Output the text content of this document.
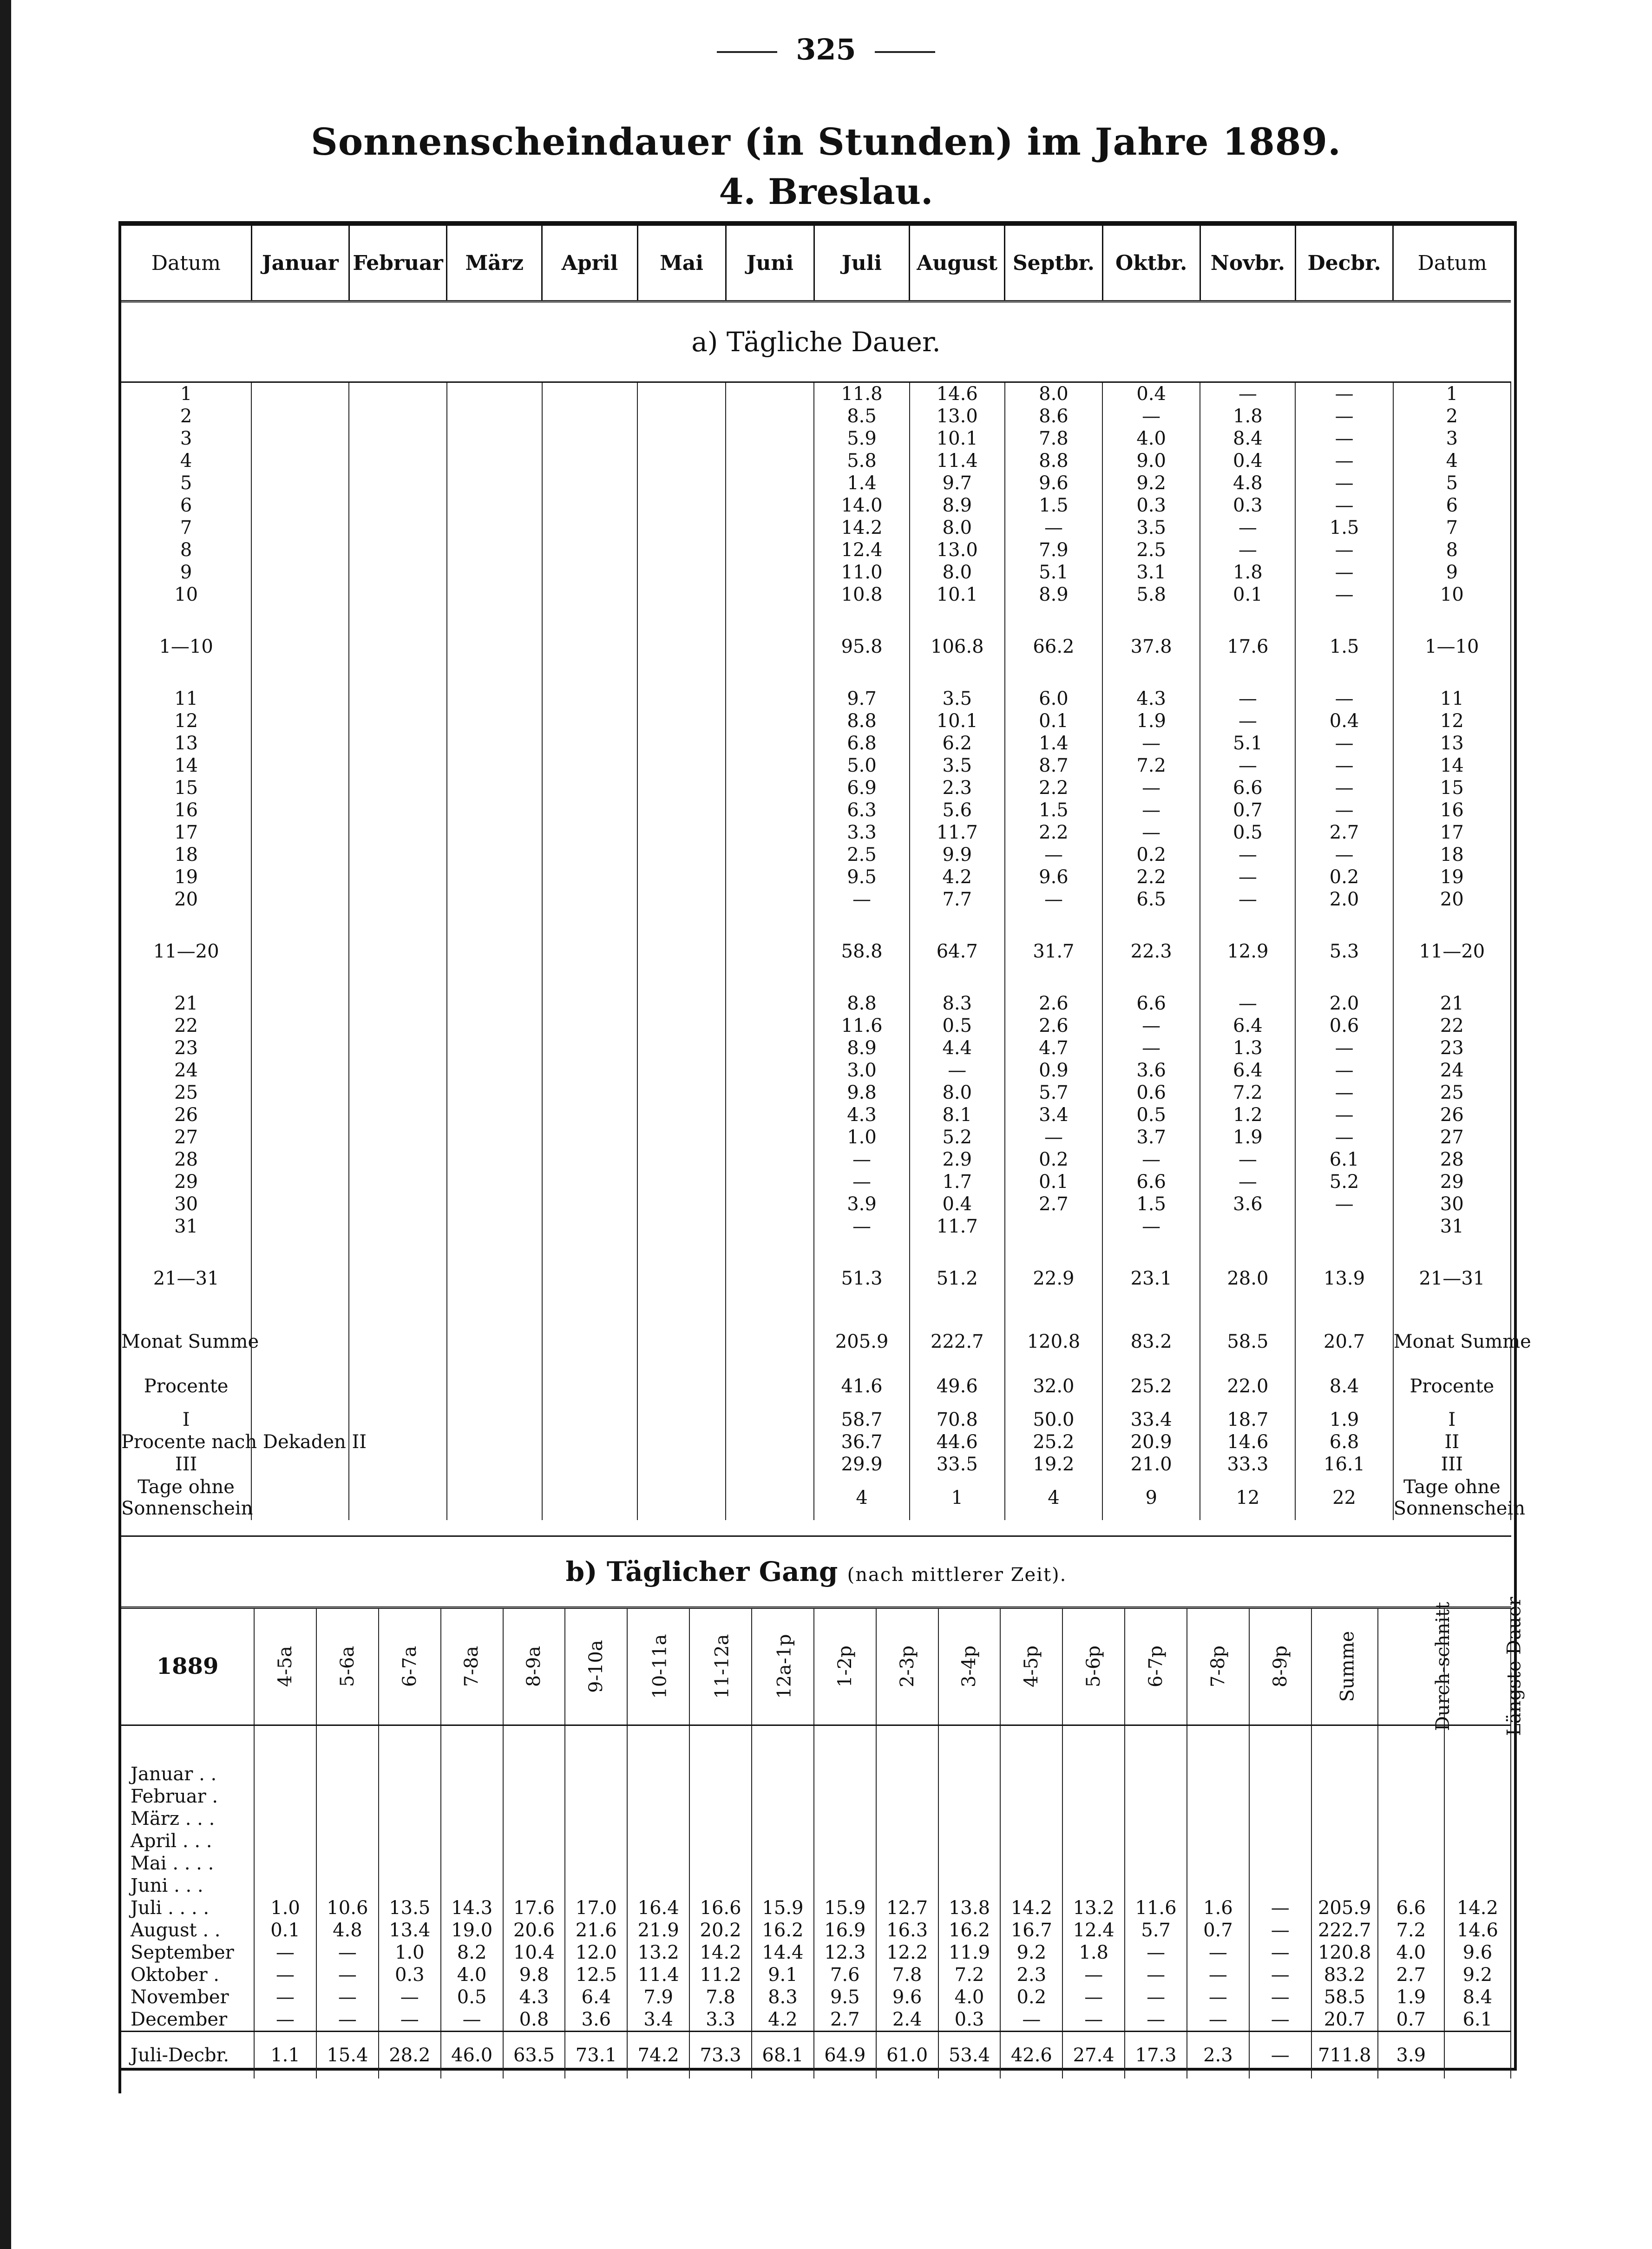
325
Sonnenscheindauer (in Stunden) im Jahre 1889.
4. Breslau.
Datum	Januar	Februar	März	April	Mai	Juni	Juli	August	Septbr.	Oktbr.	Novbr.	Decbr.	Datum
a) Tägliche Dauer.													
1							11.8	14.6	8.0	0.4	—	—	1
2							8.5	13.0	8.6	—	1.8	—	2
3							5.9	10.1	7.8	4.0	8.4	—	3
4							5.8	11.4	8.8	9.0	0.4	—	4
5							1.4	9.7	9.6	9.2	4.8	—	5
6							14.0	8.9	1.5	0.3	0.3	—	6
7							14.2	8.0	—	3.5	—	1.5	7
8							12.4	13.0	7.9	2.5	—	—	8
9							11.0	8.0	5.1	3.1	1.8	—	9
10							10.8	10.1	8.9	5.8	0.1	—	10

1—10							95.8	106.8	66.2	37.8	17.6	1.5	1—10

11							9.7	3.5	6.0	4.3	—	—	11
12							8.8	10.1	0.1	1.9	—	0.4	12
13							6.8	6.2	1.4	—	5.1	—	13
14							5.0	3.5	8.7	7.2	—	—	14
15							6.9	2.3	2.2	—	6.6	—	15
16							6.3	5.6	1.5	—	0.7	—	16
17							3.3	11.7	2.2	—	0.5	2.7	17
18							2.5	9.9	—	0.2	—	—	18
19							9.5	4.2	9.6	2.2	—	0.2	19
20							—	7.7	—	6.5	—	2.0	20

11—20							58.8	64.7	31.7	22.3	12.9	5.3	11—20

21							8.8	8.3	2.6	6.6	—	2.0	21
22							11.6	0.5	2.6	—	6.4	0.6	22
23							8.9	4.4	4.7	—	1.3	—	23
24							3.0	—	0.9	3.6	6.4	—	24
25							9.8	8.0	5.7	0.6	7.2	—	25
26							4.3	8.1	3.4	0.5	1.2	—	26
27							1.0	5.2	—	3.7	1.9	—	27
28							—	2.9	0.2	—	—	6.1	28
29							—	1.7	0.1	6.6	—	5.2	29
30							3.9	0.4	2.7	1.5	3.6	—	30
31							—	11.7		—			31

21—31							51.3	51.2	22.9	23.1	28.0	13.9	21—31

Monat Summe							205.9	222.7	120.8	83.2	58.5	20.7	Monat Summe
Procente							41.6	49.6	32.0	25.2	22.0	8.4	Procente
I							58.7	70.8	50.0	33.4	18.7	1.9	I
Procente nach Dekaden II							36.7	44.6	25.2	20.9	14.6	6.8	II
III							29.9	33.5	19.2	21.0	33.3	16.1	III
Tage ohne Sonnenschein							4	1	4	9	12	22	Tage ohne Sonnenschein
b) Täglicher Gang (nach mittlerer Zeit).
1889	4-5a	5-6a	6-7a	7-8a	8-9a	9-10a	10-11a	11-12a	12a-1p	1-2p	2-3p	3-4p	4-5p	5-6p	6-7p	7-8p	8-9p	Summe	Durch-schnitt	Längste Dauer

Januar . .																				
Februar .																				
März . . .																				
April . . .																				
Mai . . . .																				
Juni . . .																				
Juli . . . .	1.0	10.6	13.5	14.3	17.6	17.0	16.4	16.6	15.9	15.9	12.7	13.8	14.2	13.2	11.6	1.6	—	205.9	6.6	14.2
August . .	0.1	4.8	13.4	19.0	20.6	21.6	21.9	20.2	16.2	16.9	16.3	16.2	16.7	12.4	5.7	0.7	—	222.7	7.2	14.6
September	—	—	1.0	8.2	10.4	12.0	13.2	14.2	14.4	12.3	12.2	11.9	9.2	1.8	—	—	—	120.8	4.0	9.6
Oktober .	—	—	0.3	4.0	9.8	12.5	11.4	11.2	9.1	7.6	7.8	7.2	2.3	—	—	—	—	83.2	2.7	9.2
November	—	—	—	0.5	4.3	6.4	7.9	7.8	8.3	9.5	9.6	4.0	0.2	—	—	—	—	58.5	1.9	8.4
December	—	—	—	—	0.8	3.6	3.4	3.3	4.2	2.7	2.4	0.3	—	—	—	—	—	20.7	0.7	6.1
Juli-Decbr.	1.1	15.4	28.2	46.0	63.5	73.1	74.2	73.3	68.1	64.9	61.0	53.4	42.6	27.4	17.3	2.3	—	711.8	3.9	
